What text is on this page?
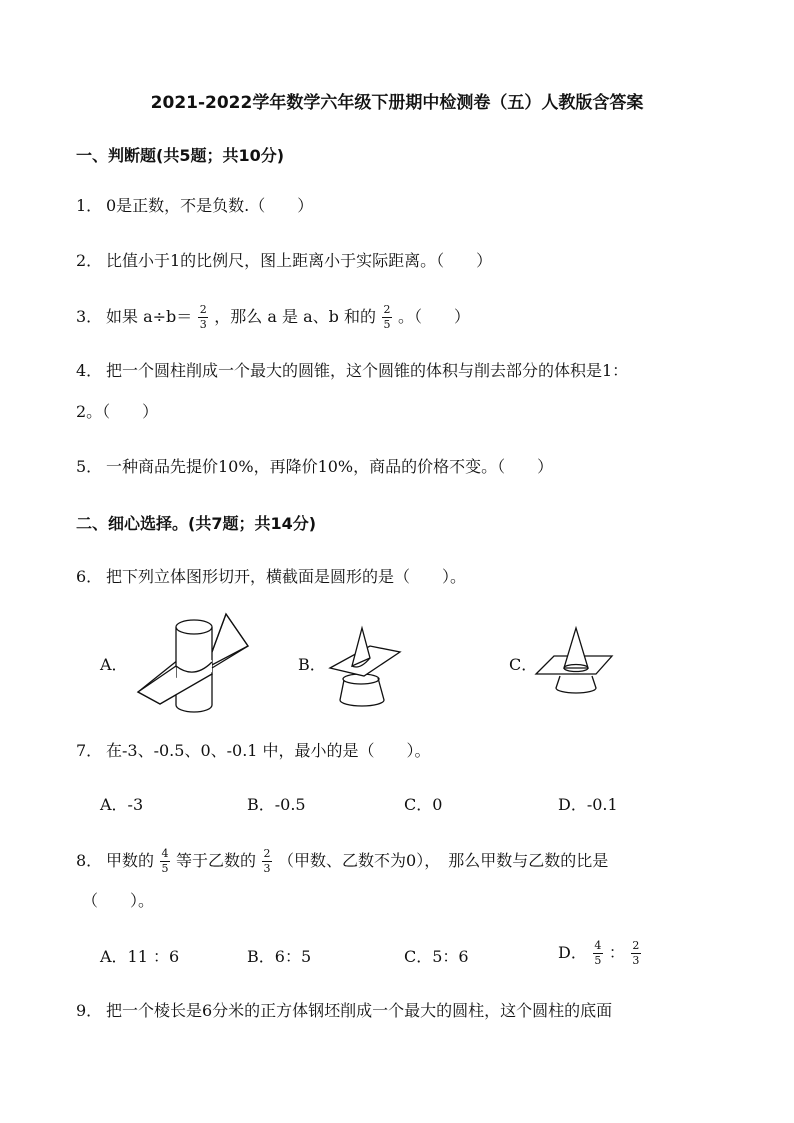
2021-2022学年数学六年级下册期中检测卷（五）人教版含答案
一、判断题(共5题；共10分)
1． 0是正数，不是负数.（　　）
2． 比值小于1的比例尺，图上距离小于实际距离。（　　）
3． 如果 $a\div b= \frac{2}{3}$ ，那么 a 是 a、b 和的 $\frac{2}{5}$ 。（　　）
4． 把一个圆柱削成一个最大的圆锥，这个圆锥的体积与削去部分的体积是1：
2。（　　）
5． 一种商品先提价10%，再降价10%，商品的价格不变。（　　）
二、细心选择。(共7题；共14分)
6． 把下列立体图形切开，横截面是圆形的是（　　）。
A．	B．	C．
7． 在-3、-0.5、0、-0.1 中，最小的是（　　）。
A．-3	B．-0.5	C．0	D．-0.1
8． 甲数的 $\frac{4}{5}$ 等于乙数的 $\frac{2}{3}$ （甲数、乙数不为0），　那么甲数与乙数的比是
（　　）。
A．11 ：6	B．6：5	C．5：6	D． $\frac{4}{5}$ ： $\frac{2}{3}$
9． 把一个棱长是6分米的正方体钢坯削成一个最大的圆柱，这个圆柱的底面
